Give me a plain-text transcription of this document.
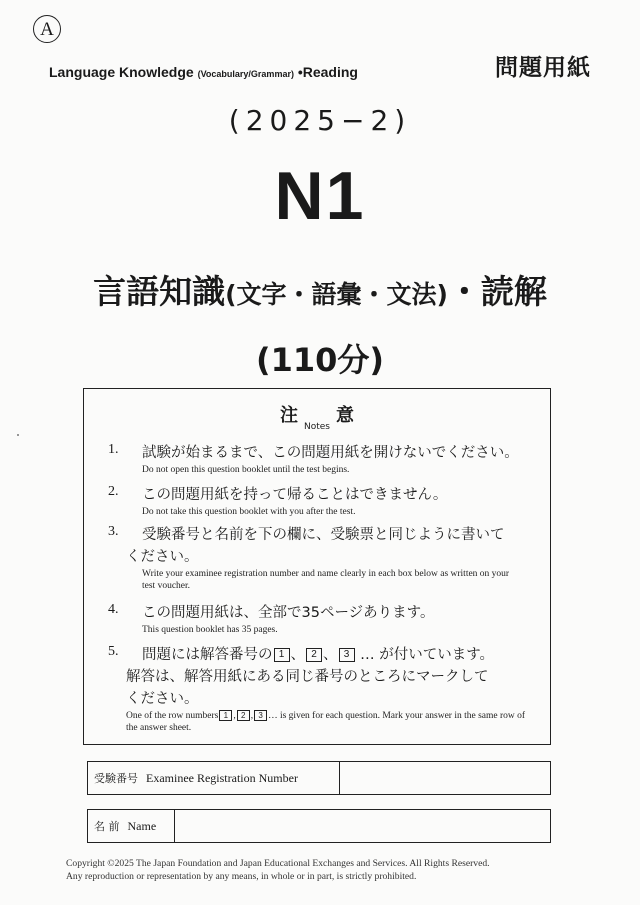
A
Language Knowledge (Vocabulary/Grammar) •Reading	問題用紙
(2025−2)
N1
言語知識(文字・語彙・文法)・読解
(110分)
注$_{Notes}$意
1.	試験が始まるまで、この問題用紙を開けないでください。
Do not open this question booklet until the test begins.
2.	この問題用紙を持って帰ることはできません。
Do not take this question booklet with you after the test.
3.	受験番号と名前を下の欄に、受験票と同じように書いて
ください。
Write your examinee registration number and name clearly in each box below as written on your test voucher.
4.	この問題用紙は、全部で35ページあります。
This question booklet has 35 pages.
5.	問題には解答番号の 1 、 2 、 3 … が付いています。
解答は、解答用紙にある同じ番号のところにマークして
ください。
One of the row numbers 1 , 2 , 3 … is given for each question. Mark your answer in the same row of the answer sheet.
受験番号 Examinee Registration Number
名 前 Name
Copyright ©2025 The Japan Foundation and Japan Educational Exchanges and Services. All Rights Reserved.
Any reproduction or representation by any means, in whole or in part, is strictly prohibited.
